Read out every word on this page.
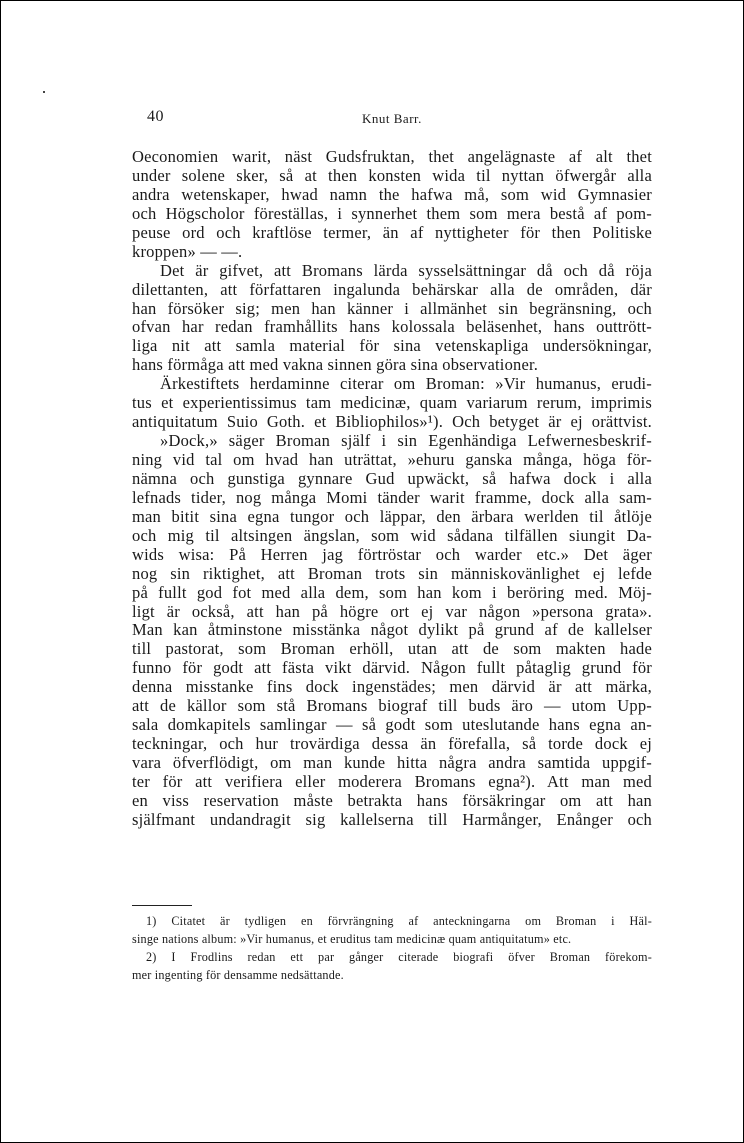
40	Knut Barr.
Oeconomien warit, näst Gudsfruktan, thet angelägnaste af alt thet
under solene sker, så at then konsten wida til nyttan öfwergår alla
andra wetenskaper, hwad namn the hafwa må, som wid Gymnasier
och Högscholor föreställas, i synnerhet them som mera bestå af pom-
peuse ord och kraftlöse termer, än af nyttigheter för then Politiske
kroppen» — —.
Det är gifvet, att Bromans lärda sysselsättningar då och då röja
dilettanten, att författaren ingalunda behärskar alla de områden, där
han försöker sig; men han känner i allmänhet sin begränsning, och
ofvan har redan framhållits hans kolossala beläsenhet, hans outtrött-
liga nit att samla material för sina vetenskapliga undersökningar,
hans förmåga att med vakna sinnen göra sina observationer.
Ärkestiftets herdaminne citerar om Broman: »Vir humanus, erudi-
tus et experientissimus tam medicinæ, quam variarum rerum, imprimis
antiquitatum Suio Goth. et Bibliophilos»¹). Och betyget är ej orättvist.
»Dock,» säger Broman själf i sin Egenhändiga Lefwernesbeskrif-
ning vid tal om hvad han uträttat, »ehuru ganska många, höga för-
nämna och gunstiga gynnare Gud upwäckt, så hafwa dock i alla
lefnads tider, nog många Momi tänder warit framme, dock alla sam-
man bitit sina egna tungor och läppar, den ärbara werlden til åtlöje
och mig til altsingen ängslan, som wid sådana tilfällen siungit Da-
wids wisa: På Herren jag förtröstar och warder etc.» Det äger
nog sin riktighet, att Broman trots sin människovänlighet ej lefde
på fullt god fot med alla dem, som han kom i beröring med. Möj-
ligt är också, att han på högre ort ej var någon »persona grata».
Man kan åtminstone misstänka något dylikt på grund af de kallelser
till pastorat, som Broman erhöll, utan att de som makten hade
funno för godt att fästa vikt därvid. Någon fullt påtaglig grund för
denna misstanke fins dock ingenstädes; men därvid är att märka,
att de källor som stå Bromans biograf till buds äro — utom Upp-
sala domkapitels samlingar — så godt som uteslutande hans egna an-
teckningar, och hur trovärdiga dessa än förefalla, så torde dock ej
vara öfverflödigt, om man kunde hitta några andra samtida uppgif-
ter för att verifiera eller moderera Bromans egna²). Att man med
en viss reservation måste betrakta hans försäkringar om att han
själfmant undandragit sig kallelserna till Harmånger, Enånger och
1) Citatet är tydligen en förvrängning af anteckningarna om Broman i Häl-
singe nations album: »Vir humanus, et eruditus tam medicinæ quam antiquitatum» etc.
2) I Frodlins redan ett par gånger citerade biografi öfver Broman förekom-
mer ingenting för densamme nedsättande.
